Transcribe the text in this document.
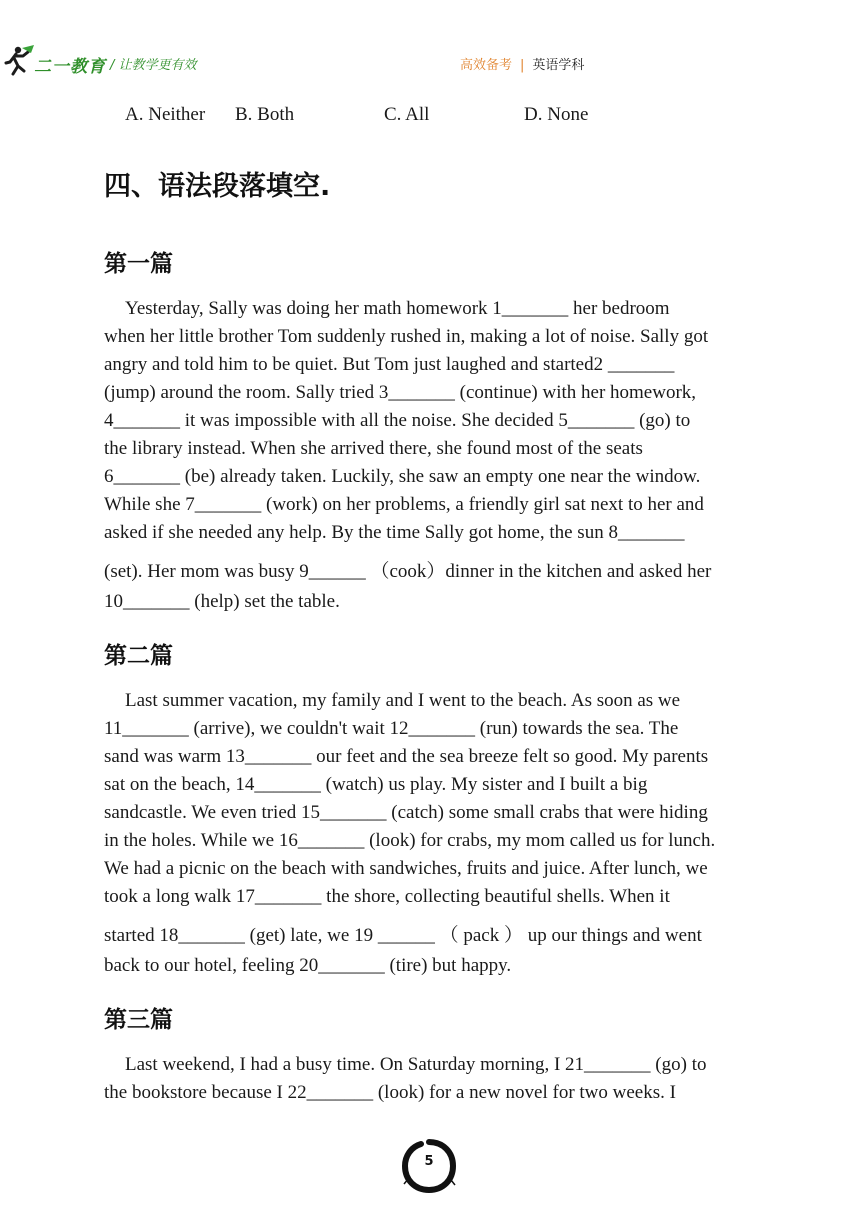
二一教育 / 让教学更有效	高效备考 | 英语学科
A. Neither B. Both	C. All	D. None
四、语法段落填空.
第一篇
Yesterday, Sally was doing her math homework 1_______ her bedroom
when her little brother Tom suddenly rushed in, making a lot of noise. Sally got
angry and told him to be quiet. But Tom just laughed and started2 _______
(jump) around the room. Sally tried 3_______ (continue) with her homework,
4_______ it was impossible with all the noise. She decided 5_______ (go) to
the library instead. When she arrived there, she found most of the seats
6_______ (be) already taken. Luckily, she saw an empty one near the window.
While she 7_______ (work) on her problems, a friendly girl sat next to her and
asked if she needed any help. By the time Sally got home, the sun 8_______
(set). Her mom was busy 9______ （cook）dinner in the kitchen and asked her
10_______ (help) set the table.
第二篇
Last summer vacation, my family and I went to the beach. As soon as we
11_______ (arrive), we couldn't wait 12_______ (run) towards the sea. The
sand was warm 13_______ our feet and the sea breeze felt so good. My parents
sat on the beach, 14_______ (watch) us play. My sister and I built a big
sandcastle. We even tried 15_______ (catch) some small crabs that were hiding
in the holes. While we 16_______ (look) for crabs, my mom called us for lunch.
We had a picnic on the beach with sandwiches, fruits and juice. After lunch, we
took a long walk 17_______ the shore, collecting beautiful shells. When it
started 18_______ (get) late, we 19 ______ （ pack ） up our things and went
back to our hotel, feeling 20_______ (tire) but happy.
第三篇
Last weekend, I had a busy time. On Saturday morning, I 21_______ (go) to
the bookstore because I 22_______ (look) for a new novel for two weeks. I
5
